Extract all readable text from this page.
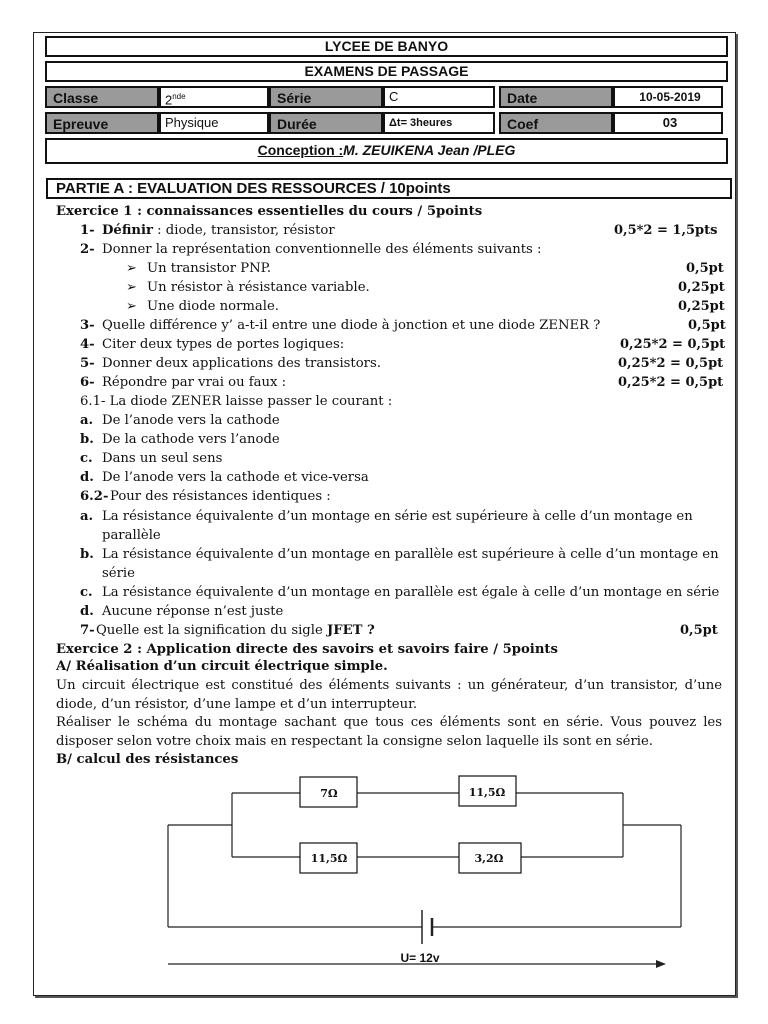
LYCEE DE BANYO
EXAMENS DE PASSAGE
Classe	2nde	Série	C	Date	10-05-2019
Epreuve	Physique	Durée	Δt= 3heures	Coef	03
Conception :M. ZEUIKENA Jean /PLEG
PARTIE A : EVALUATION DES RESSOURCES / 10points
Exercice 1 : connaissances essentielles du cours / 5points
1- Définir : diode, transistor, résistor	0,5*2 = 1,5pts
2- Donner la représentation conventionnelle des éléments suivants :
➢ Un transistor PNP.	0,5pt
➢ Un résistor à résistance variable.	0,25pt
➢ Une diode normale.	0,25pt
3- Quelle différence y’ a-t-il entre une diode à jonction et une diode ZENER ?	0,5pt
4- Citer deux types de portes logiques:	0,25*2 = 0,5pt
5- Donner deux applications des transistors.	0,25*2 = 0,5pt
6- Répondre par vrai ou faux :	0,25*2 = 0,5pt
6.1- La diode ZENER laisse passer le courant :
a. De l’anode vers la cathode
b. De la cathode vers l’anode
c. Dans un seul sens
d. De l’anode vers la cathode et vice-versa
6.2- Pour des résistances identiques :
a. La résistance équivalente d’un montage en série est supérieure à celle d’un montage en
parallèle
b. La résistance équivalente d’un montage en parallèle est supérieure à celle d’un montage en
série
c. La résistance équivalente d’un montage en parallèle est égale à celle d’un montage en série
d. Aucune réponse n’est juste
7- Quelle est la signification du sigle JFET ?	0,5pt
Exercice 2 : Application directe des savoirs et savoirs faire / 5points
A/ Réalisation d’un circuit électrique simple.
Un circuit électrique est constitué des éléments suivants : un générateur, d’un transistor, d’une diode, d’un résistor, d’une lampe et d’un interrupteur.
Réaliser le schéma du montage sachant que tous ces éléments sont en série. Vous pouvez les disposer selon votre choix mais en respectant la consigne selon laquelle ils sont en série.
B/ calcul des résistances
7Ω	11,5Ω
11,5Ω	3,2Ω
U= 12v
